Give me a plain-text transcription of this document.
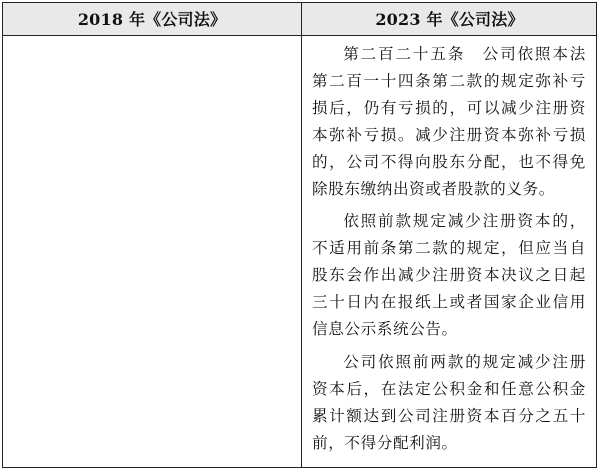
2018 年《公司法》	2023 年《公司法》

第二百二十五条　公司依照本法第二百一十四条第二款的规定弥补亏损后，仍有亏损的，可以减少注册资本弥补亏损。减少注册资本弥补亏损的，公司不得向股东分配，也不得免除股东缴纳出资或者股款的义务。

依照前款规定减少注册资本的，不适用前条第二款的规定，但应当自股东会作出减少注册资本决议之日起三十日内在报纸上或者国家企业信用信息公示系统公告。

公司依照前两款的规定减少注册资本后，在法定公积金和任意公积金累计额达到公司注册资本百分之五十前，不得分配利润。
